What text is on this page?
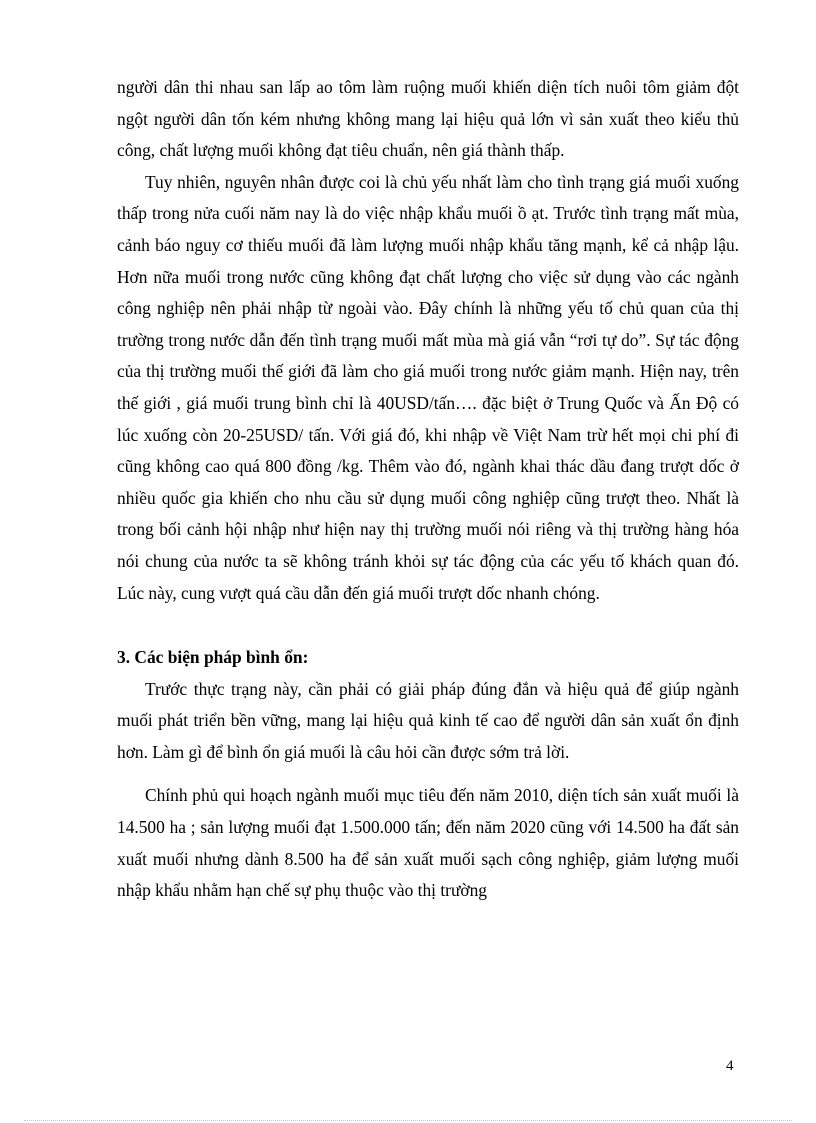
người dân thi nhau san lấp ao tôm làm ruộng muối khiến diện tích nuôi tôm giảm đột ngột người dân tốn kém nhưng không mang lại hiệu quả lớn vì sản xuất theo kiểu thủ công, chất lượng muối không đạt tiêu chuẩn, nên giá thành thấp.

Tuy nhiên, nguyên nhân được coi là chủ yếu nhất làm cho tình trạng giá muối xuống thấp trong nửa cuối năm nay là do việc nhập khẩu muối ồ ạt. Trước tình trạng mất mùa, cảnh báo nguy cơ thiếu muối đã làm lượng muối nhập khẩu tăng mạnh, kể cả nhập lậu. Hơn nữa muối trong nước cũng không đạt chất lượng cho việc sử dụng vào các ngành công nghiệp nên phải nhập từ ngoài vào. Đây chính là những yếu tố chủ quan của thị trường trong nước dẫn đến tình trạng muối mất mùa mà giá vẫn “rơi tự do”. Sự tác động của thị trường muối thế giới đã làm cho giá muối trong nước giảm mạnh. Hiện nay, trên thế giới , giá muối trung bình chỉ là 40USD/tấn…. đặc biệt ở Trung Quốc và Ấn Độ có lúc xuống còn 20-25USD/ tấn. Với giá đó, khi nhập về Việt Nam trừ hết mọi chi phí đi cũng không cao quá 800 đồng /kg. Thêm vào đó, ngành khai thác dầu đang trượt dốc ở nhiều quốc gia khiến cho nhu cầu sử dụng muối công nghiệp cũng trượt theo. Nhất là trong bối cảnh hội nhập như hiện nay thị trường muối nói riêng và thị trường hàng hóa nói chung của nước ta sẽ không tránh khỏi sự tác động của các yếu tố khách quan đó. Lúc này, cung vượt quá cầu dẫn đến giá muối trượt dốc nhanh chóng.

3. Các biện pháp bình ổn:

Trước thực trạng này, cần phải có giải pháp đúng đắn và hiệu quả để giúp ngành muối phát triển bền vững, mang lại hiệu quả kinh tế cao để người dân sản xuất ổn định hơn. Làm gì để bình ổn giá muối là câu hỏi cần được sớm trả lời.

Chính phủ qui hoạch ngành muối mục tiêu đến năm 2010, diện tích sản xuất muối là 14.500 ha ; sản lượng muối đạt 1.500.000 tấn; đến năm 2020 cũng với 14.500 ha đất sản xuất muối nhưng dành 8.500 ha để sản xuất muối sạch công nghiệp, giảm lượng muối nhập khẩu nhằm hạn chế sự phụ thuộc vào thị trường

4
